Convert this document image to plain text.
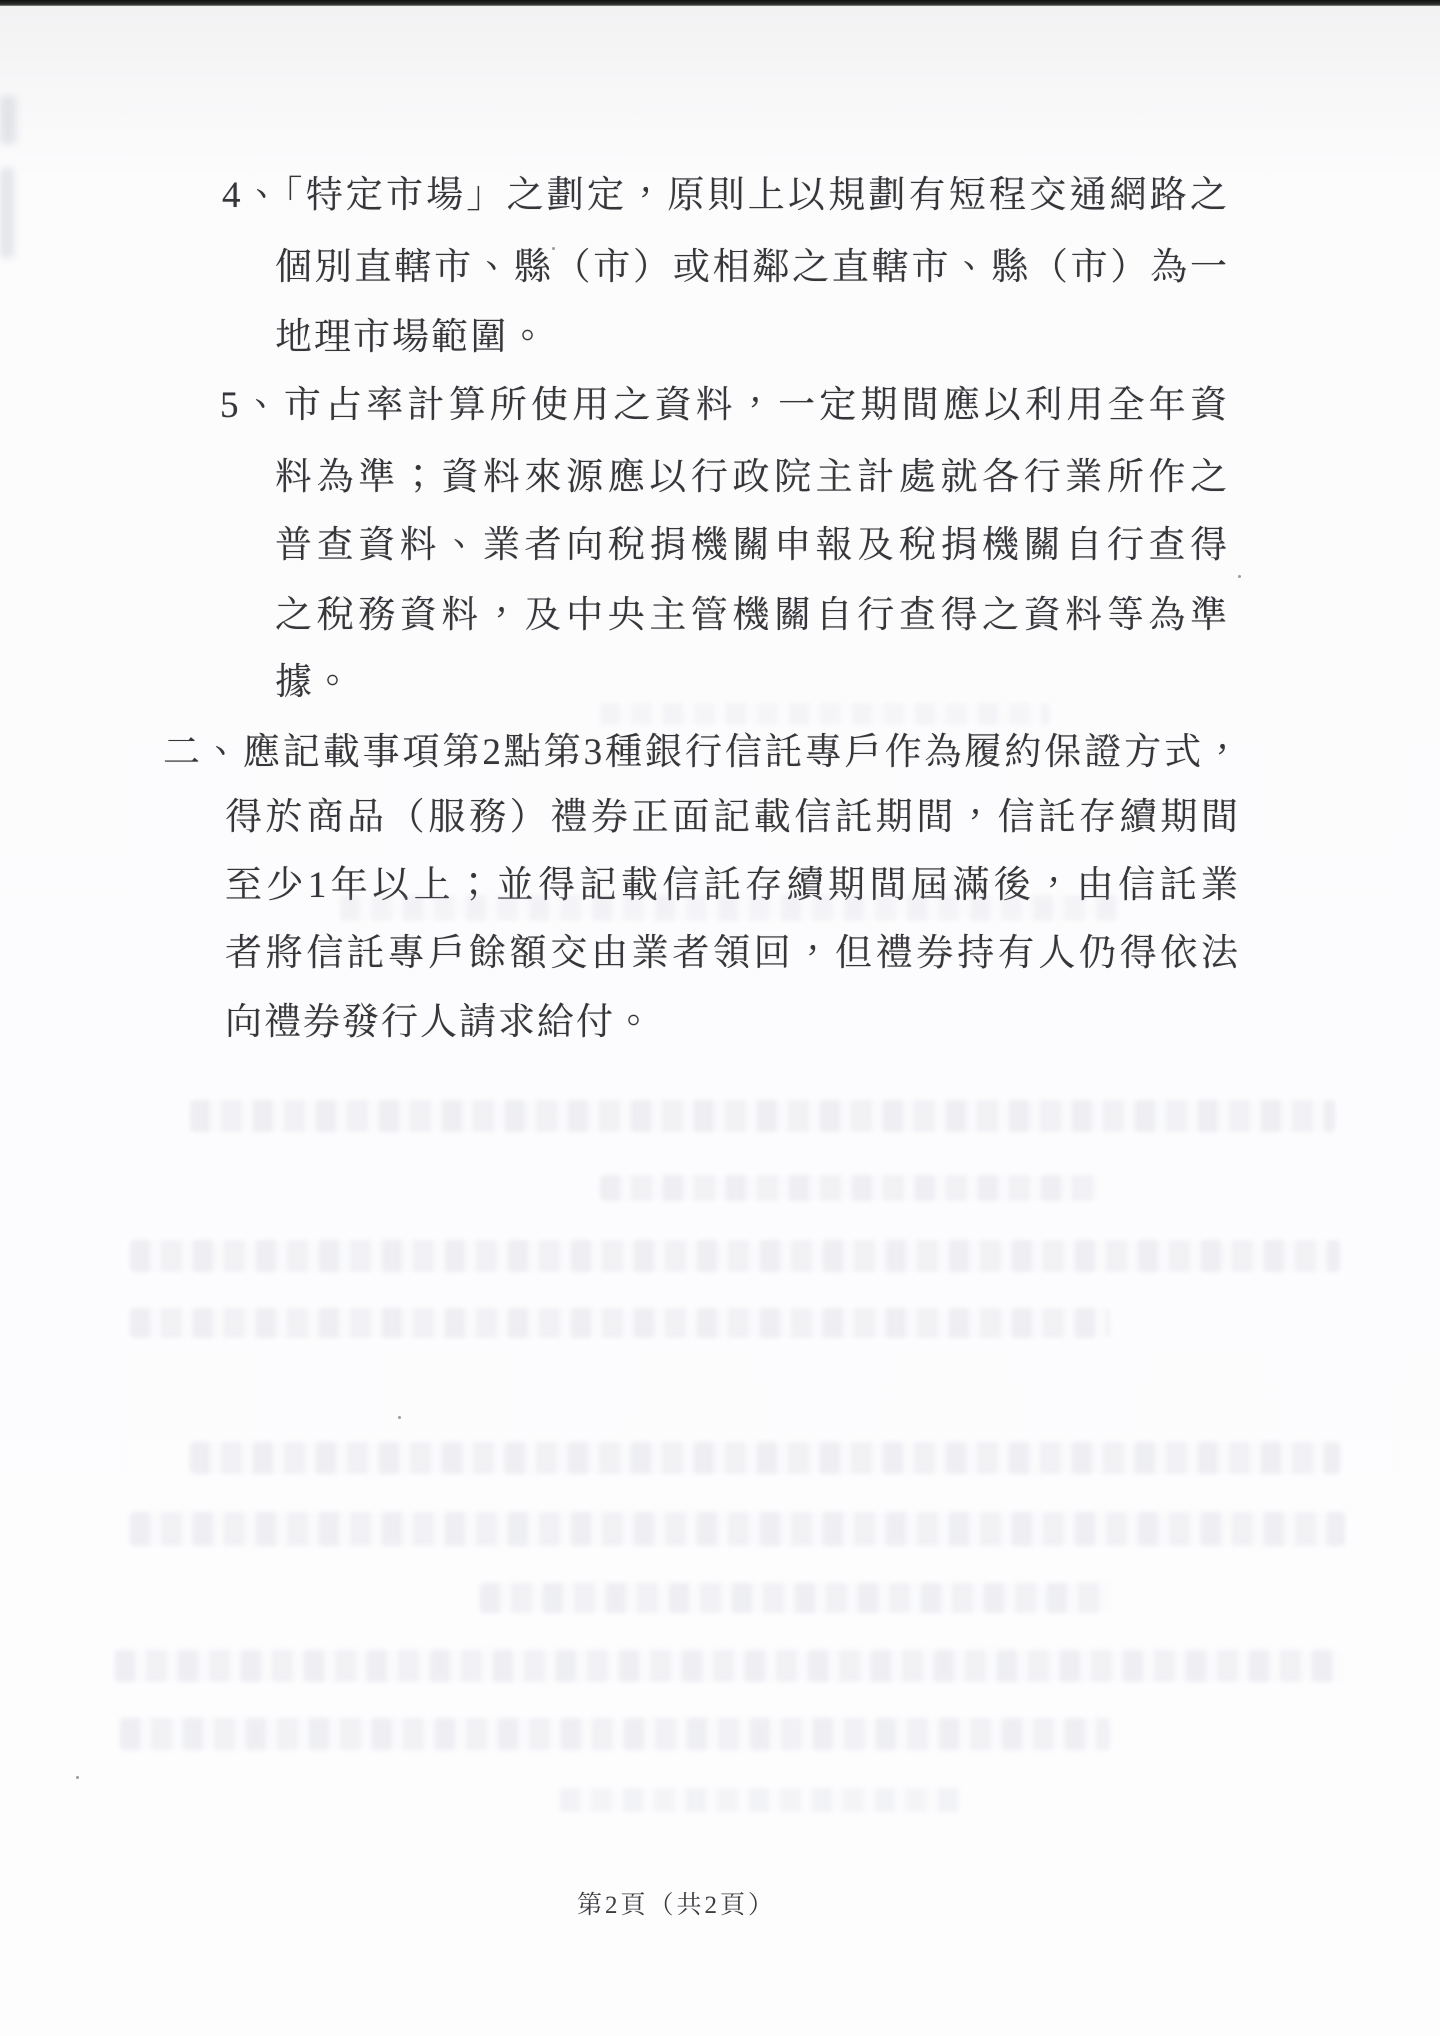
4、「特定市場」之劃定，原則上以規劃有短程交通網路之
個別直轄市、縣（市）或相鄰之直轄市、縣（市）為一
地理市場範圍。
5、市占率計算所使用之資料，一定期間應以利用全年資
料為準；資料來源應以行政院主計處就各行業所作之
普查資料、業者向稅捐機關申報及稅捐機關自行查得
之稅務資料，及中央主管機關自行查得之資料等為準
據。
二、應記載事項第2點第3種銀行信託專戶作為履約保證方式，
得於商品（服務）禮券正面記載信託期間，信託存續期間
至少1年以上；並得記載信託存續期間屆滿後，由信託業
者將信託專戶餘額交由業者領回，但禮券持有人仍得依法
向禮券發行人請求給付。
第2頁（共2頁）
